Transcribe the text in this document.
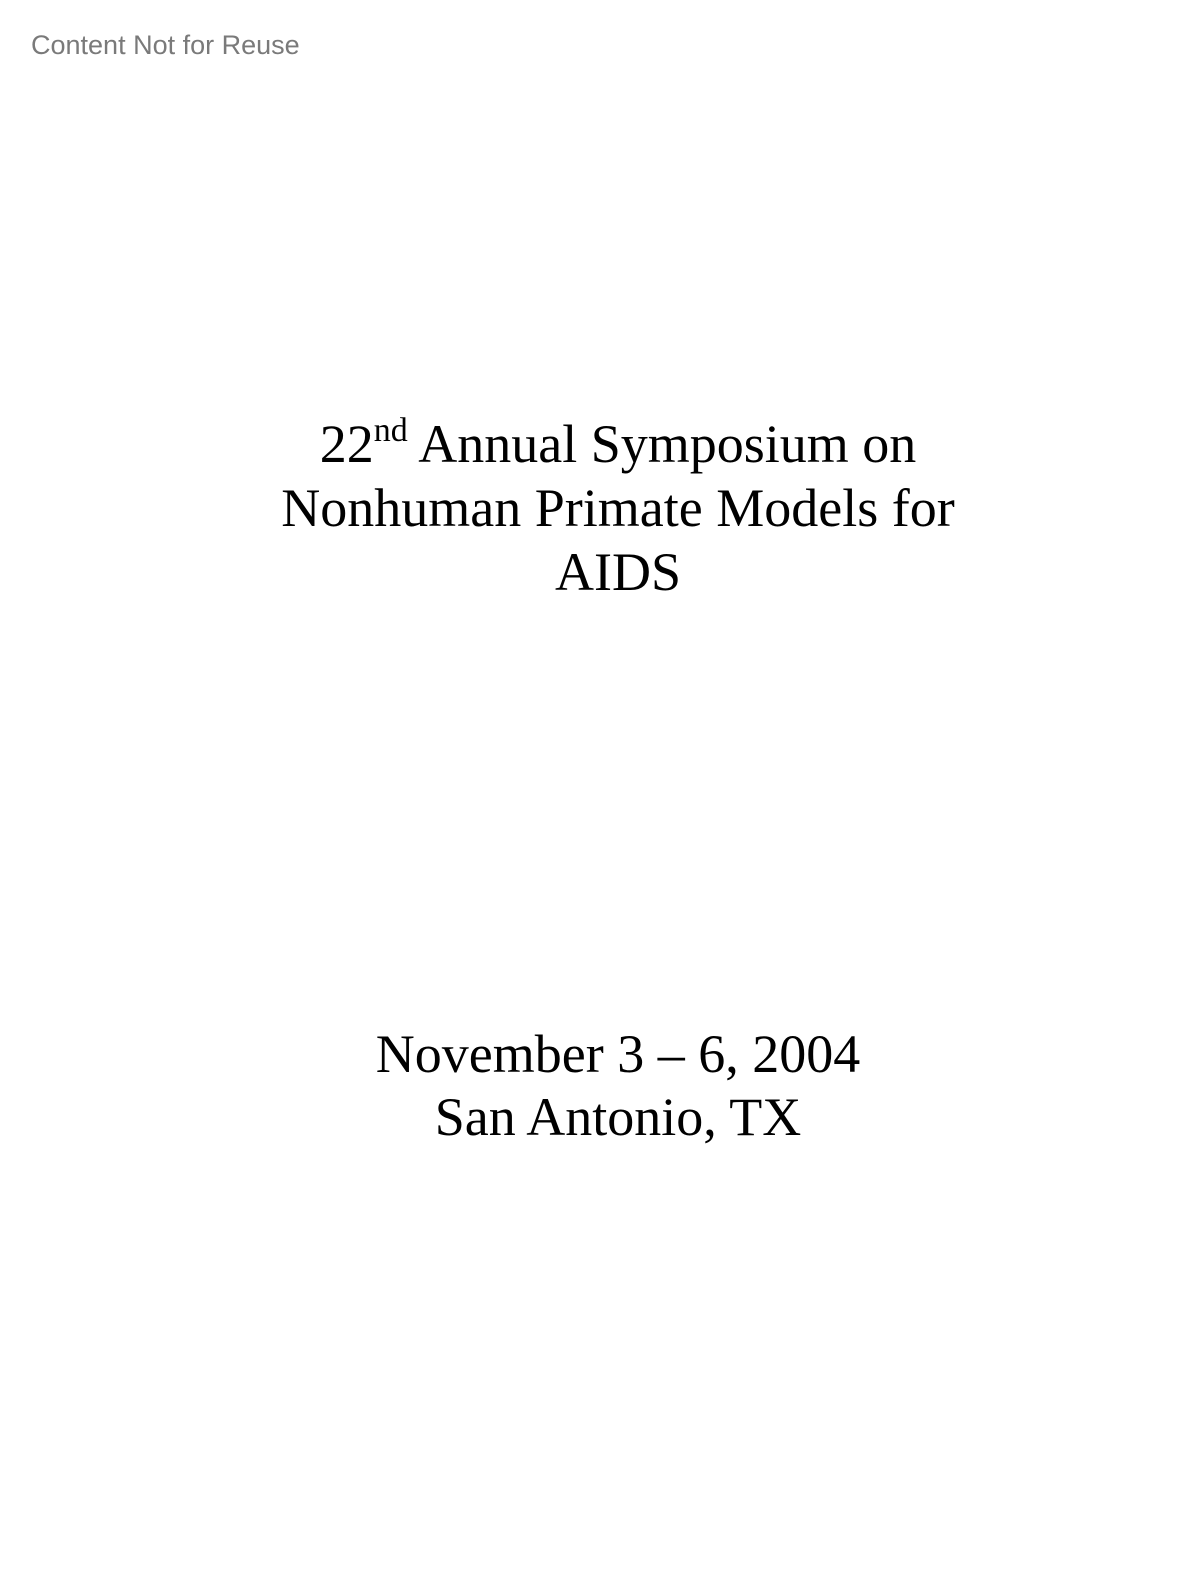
Content Not for Reuse
22nd Annual Symposium on
Nonhuman Primate Models for
AIDS
November 3 – 6, 2004
San Antonio, TX
